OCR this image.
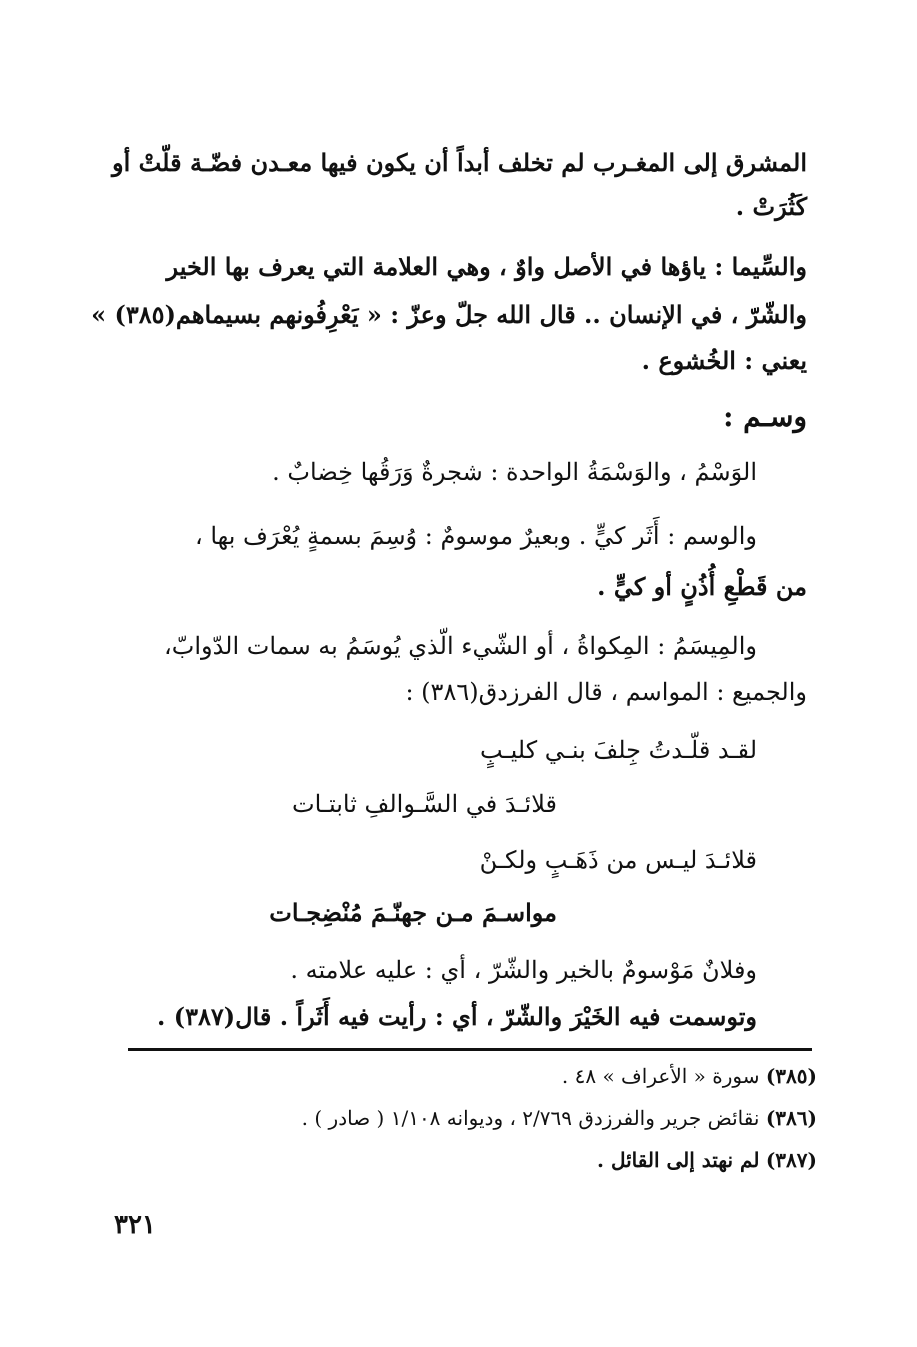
المشرق إلى المغـرب لم تخلف أبداً أن يكون فيها معـدن فضّـة قلّتْ أو
كَثُرَتْ .
والسِّيما : ياؤها في الأصل واوٌ ، وهي العلامة التي يعرف بها الخير
والشّرّ ، في الإنسان .. قال الله جلّ وعزّ : « يَعْرِفُونهم بسيماهم(٣٨٥) »
يعني : الخُشوع .
وسـم :
الوَسْمُ ، والوَسْمَةُ الواحدة : شجرةٌ وَرَقُها خِضابٌ .
والوسم : أَثَر كيٍّ . وبعيرٌ موسومٌ : وُسِمَ بسمةٍ يُعْرَف بها ،
من قَطْعِ أُذُنٍ أو كيٍّ .
والمِيسَمُ : المِكواةُ ، أو الشّيء الّذي يُوسَمُ به سمات الدّوابّ،
والجميع : المواسم ، قال الفرزدق(٣٨٦) :
لقـد قلّـدتُ جِلفَ بنـي كليـبٍ
قلائـدَ في السَّـوالفِ ثابتـات
قلائـدَ ليـس من ذَهَـبٍ ولكـنْ
مواسـمَ مـن جهنّـمَ مُنْضِجـات
وفلانٌ مَوْسومٌ بالخير والشّرّ ، أي : عليه علامته .
وتوسمت فيه الخَيْرَ والشّرّ ، أي : رأيت فيه أَثَراً . قال(٣٨٧) .
(٣٨٥) سورة « الأعراف » ٤٨ .
(٣٨٦) نقائض جرير والفرزدق ٢/٧٦٩ ، وديوانه ١/١٠٨ ( صادر ) .
(٣٨٧) لم نهتد إلى القائل .
٣٢١
